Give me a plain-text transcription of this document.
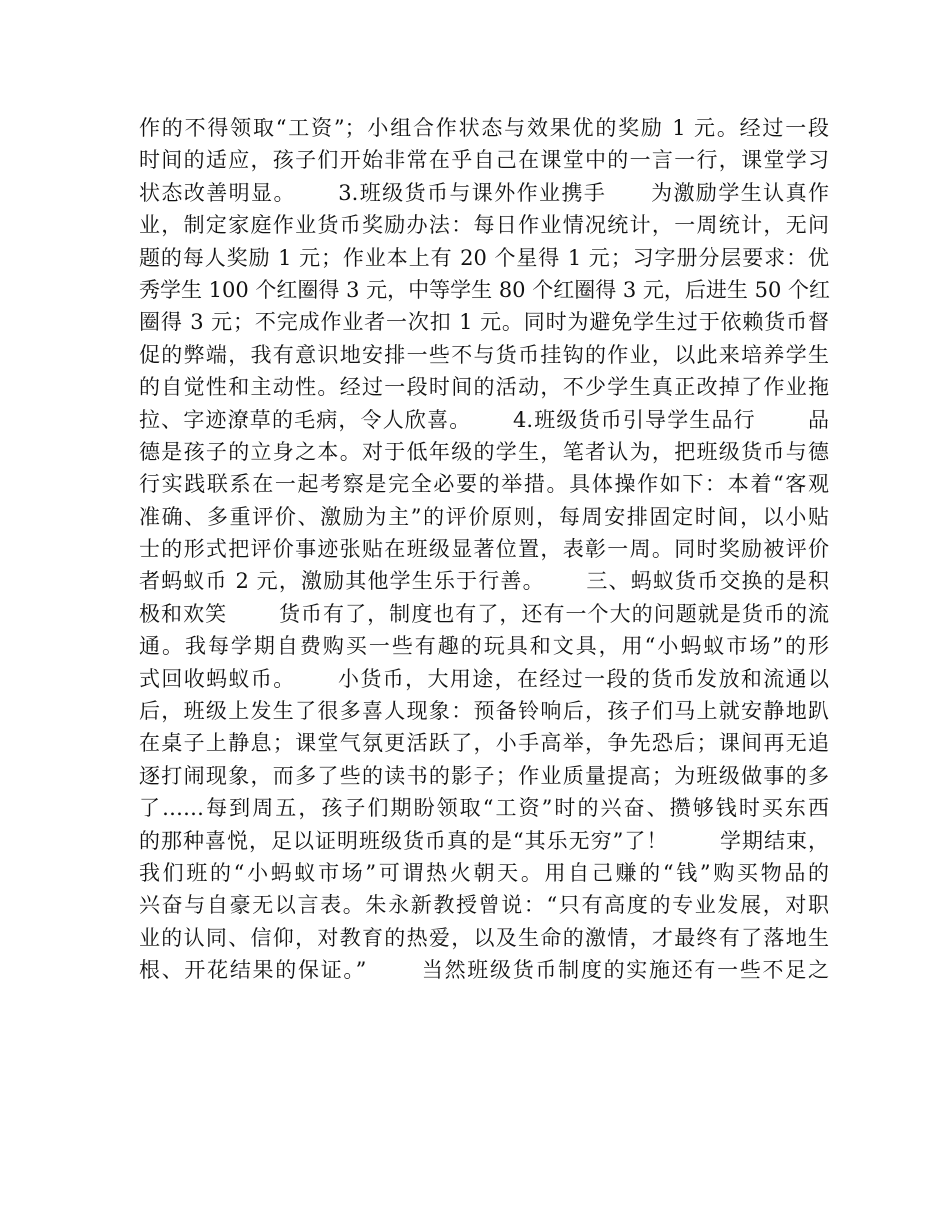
作的不得领取“工资”；小组合作状态与效果优的奖励 1 元。经过一段
时间的适应，孩子们开始非常在乎自己在课堂中的一言一行，课堂学习
状态改善明显。　　 3.班级货币与课外作业携手　　为激励学生认真作
业，制定家庭作业货币奖励办法：每日作业情况统计，一周统计，无问
题的每人奖励 1 元；作业本上有 20 个星得 1 元；习字册分层要求：优
秀学生 100 个红圈得 3 元，中等学生 80 个红圈得 3 元，后进生 50 个红
圈得 3 元；不完成作业者一次扣 1 元。同时为避免学生过于依赖货币督
促的弊端，我有意识地安排一些不与货币挂钩的作业，以此来培养学生
的自觉性和主动性。经过一段时间的活动，不少学生真正改掉了作业拖
拉、字迹潦草的毛病，令人欣喜。　　 4.班级货币引导学生品行　　 品
德是孩子的立身之本。对于低年级的学生，笔者认为，把班级货币与德
行实践联系在一起考察是完全必要的举措。具体操作如下：本着“客观
准确、多重评价、激励为主”的评价原则，每周安排固定时间，以小贴
士的形式把评价事迹张贴在班级显著位置，表彰一周。同时奖励被评价
者蚂蚁币 2 元，激励其他学生乐于行善。　　 三、蚂蚁货币交换的是积
极和欢笑　　 货币有了，制度也有了，还有一个大的问题就是货币的流
通。我每学期自费购买一些有趣的玩具和文具，用“小蚂蚁市场”的形
式回收蚂蚁币。　　 小货币，大用途，在经过一段的货币发放和流通以
后，班级上发生了很多喜人现象：预备铃响后，孩子们马上就安静地趴
在桌子上静息；课堂气氛更活跃了，小手高举，争先恐后；课间再无追
逐打闹现象，而多了些的读书的影子；作业质量提高；为班级做事的多
了……每到周五，孩子们期盼领取“工资”时的兴奋、攒够钱时买东西
的那种喜悦，足以证明班级货币真的是“其乐无穷”了！　　 学期结束，
我们班的“小蚂蚁市场”可谓热火朝天。用自己赚的“钱”购买物品的
兴奋与自豪无以言表。朱永新教授曾说：“只有高度的专业发展，对职
业的认同、信仰，对教育的热爱，以及生命的激情，才最终有了落地生
根、开花结果的保证。”　　 当然班级货币制度的实施还有一些不足之
